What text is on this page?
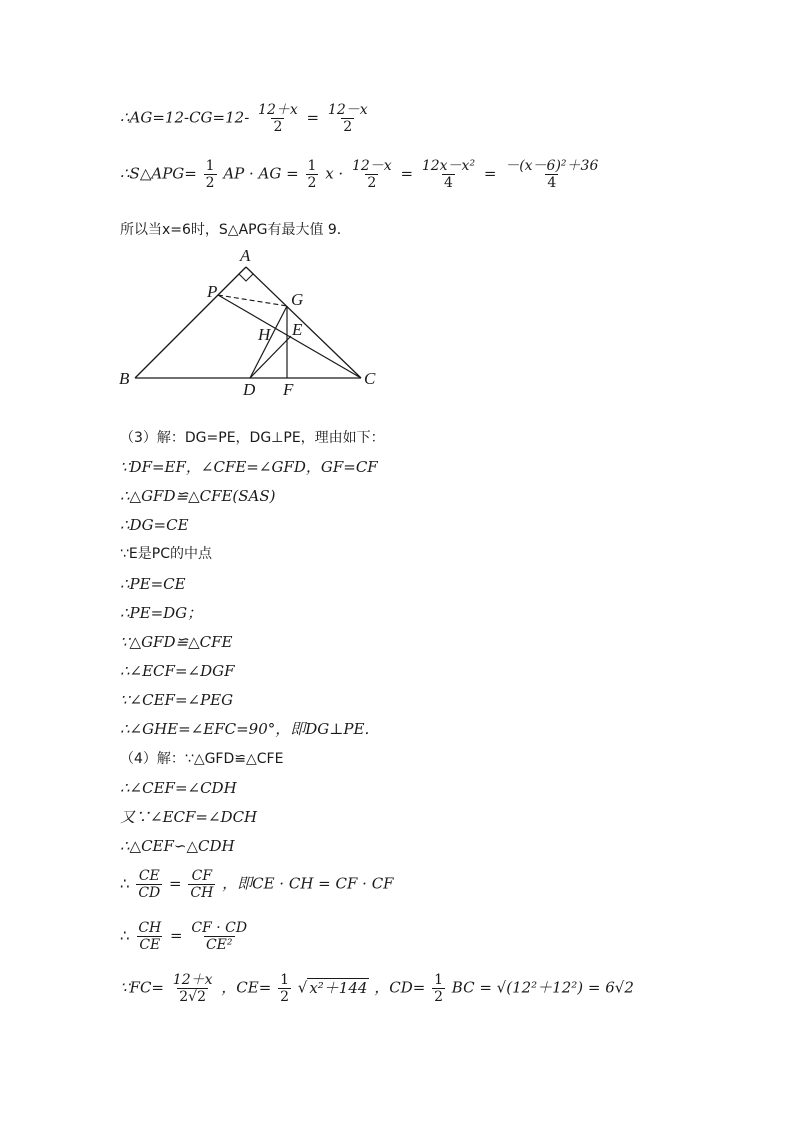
∴AG=12-CG=12- $\frac{12+x}{2} = \frac{12-x}{2}$
∴S△APG= $\frac{1}{2}$ AP · AG = $\frac{1}{2}$ $x \cdot \frac{12-x}{2} = \frac{\text{12x－x²}}{4} = \frac{\text{－(x－6)²＋36}}{4}$
所以当x=6时，S△APG有最大值 9．
A
B	C
D F
P	G
H E
（3）解：DG=PE，DG⊥PE，理由如下：
∵DF=EF，∠CFE=∠GFD，GF=CF
∴△GFD≌△CFE(SAS)
∴DG=CE
∵E是PC的中点
∴PE=CE
∴PE=DG；
∵△GFD≌△CFE
∴∠ECF=∠DGF
∵∠CEF=∠PEG
∴∠GHE=∠EFC=90°，即DG⊥PE．
（4）解：∵△GFD≌△CFE
∴∠CEF=∠CDH
又∵∠ECF=∠DCH
∴△CEF∽△CDH
∴ $\frac{CE}{CD} = \frac{CF}{CH}$ ，即CE · CH = CF · CF
∴ $\frac{CH}{CE} = \frac{CF \cdot CD}{\text{CE²}}$
∵FC= $\frac{12+x}{2√2}$ ，$CE= \frac{1}{2}$ √ x²＋144 ，$CD= \frac{1}{2}$ BC = √(12²＋12²) = 6√2
